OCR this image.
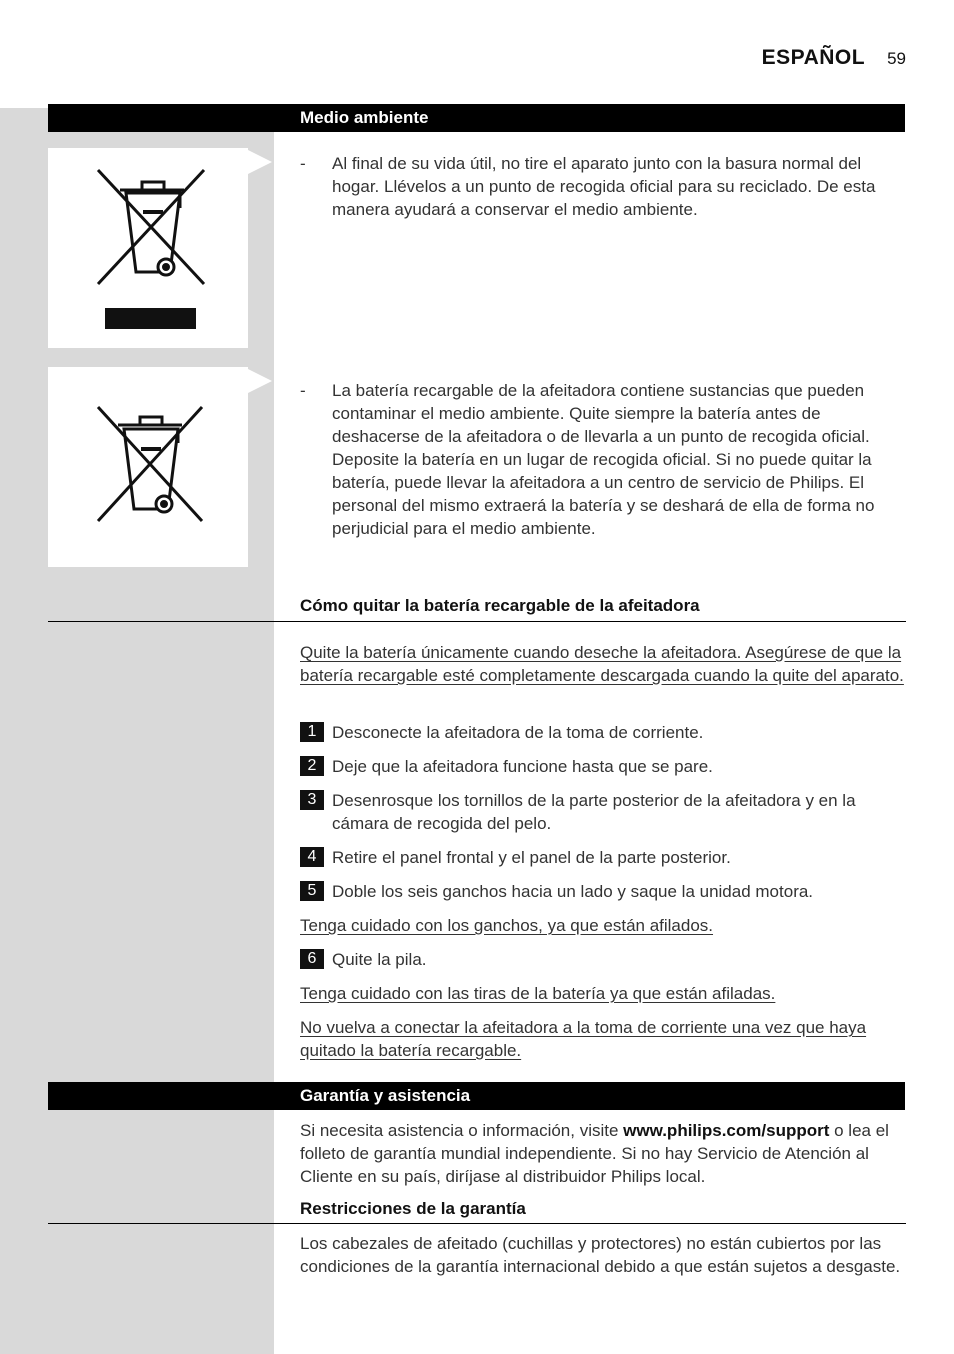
ESPAÑOL 59
Medio ambiente
- Al final de su vida útil, no tire el aparato junto con la basura normal del hogar. Llévelos a un punto de recogida oficial para su reciclado. De esta manera ayudará a conservar el medio ambiente.
- La batería recargable de la afeitadora contiene sustancias que pueden contaminar el medio ambiente. Quite siempre la batería antes de deshacerse de la afeitadora o de llevarla a un punto de recogida oficial. Deposite la batería en un lugar de recogida oficial. Si no puede quitar la batería, puede llevar la afeitadora a un centro de servicio de Philips. El personal del mismo extraerá la batería y se deshará de ella de forma no perjudicial para el medio ambiente.
Cómo quitar la batería recargable de la afeitadora
Quite la batería únicamente cuando deseche la afeitadora. Asegúrese de que la batería recargable esté completamente descargada cuando la quite del aparato.
1 Desconecte la afeitadora de la toma de corriente.
2 Deje que la afeitadora funcione hasta que se pare.
3 Desenrosque los tornillos de la parte posterior de la afeitadora y en la cámara de recogida del pelo.
4 Retire el panel frontal y el panel de la parte posterior.
5 Doble los seis ganchos hacia un lado y saque la unidad motora.
Tenga cuidado con los ganchos, ya que están afilados.
6 Quite la pila.
Tenga cuidado con las tiras de la batería ya que están afiladas.
No vuelva a conectar la afeitadora a la toma de corriente una vez que haya quitado la batería recargable.
Garantía y asistencia
Si necesita asistencia o información, visite www.philips.com/support o lea el folleto de garantía mundial independiente. Si no hay Servicio de Atención al Cliente en su país, diríjase al distribuidor Philips local.
Restricciones de la garantía
Los cabezales de afeitado (cuchillas y protectores) no están cubiertos por las condiciones de la garantía internacional debido a que están sujetos a desgaste.
